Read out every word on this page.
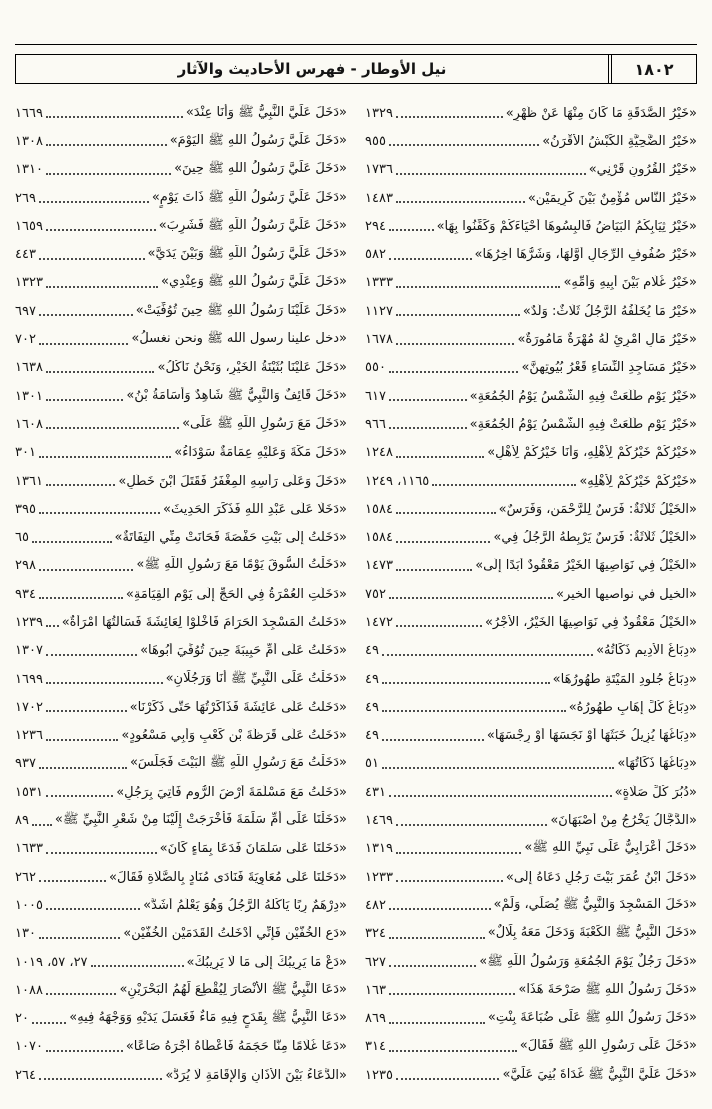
١٨٠٢
نيل الأوطار - فهرس الأحاديث والآثار
«خَيْرُ الصَّدَقَةِ مَا كَانَ مِنْهَا عَنْ ظَهْرٍ»
١٣٢٩
«خَيْرُ الضَّحِيَّةِ الكَبْشُ الأَقْرَنُ»
٩٥٥
«خَيْرُ القُرُونِ قَرْنِي»
١٧٣٦
«خَيْرُ النَّاسِ مُؤْمِنٌ بَيْنَ كَرِيمَيْنِ»
١٤٨٣
«خَيْرُ ثِيَابِكُمُ البَيَاضُ فَأَلْبِسُوهَا أَحْيَاءَكُمْ وَكَفِّنُوا بِهَا»
٢٩٤
«خَيْرُ صُفُوفِ الرِّجَالِ أَوَّلُهَا، وَشَرُّهَا آخِرُهَا»
٥٨٢
«خَيْرُ غُلَامٍ بَيْنَ أَبِيهِ وَأُمِّهِ»
١٣٣٣
«خَيْرُ مَا يُخَلِّفُهُ الرَّجُلُ ثَلَاثٌ: وَلَدٌ»
١١٢٧
«خَيْرُ مَالِ امْرِئٍ لَهُ مُهْرَةٌ مَأْمُورَةٌ»
١٦٧٨
«خَيْرُ مَسَاجِدِ النِّسَاءِ قَعْرُ بُيُوتِهِنَّ»
٥٥٠
«خَيْرُ يَوْمٍ طَلَعَتْ فِيهِ الشَّمْسُ يَوْمُ الجُمُعَةِ»
٦١٧
«خَيْرُ يَوْمٍ طَلَعَتْ فِيهِ الشَّمْسُ يَوْمُ الجُمُعَةِ»
٩٦٦
«خَيْرُكُمْ خَيْرُكُمْ لِأَهْلِهِ، وَأَنَا خَيْرُكُمْ لِأَهْلِ»
١٢٤٨
«خَيْرُكُمْ خَيْرُكُمْ لِأَهْلِهِ»
١١٦٥، ١٢٤٩
«الخَيْلُ ثَلَاثَةٌ: فَرَسٌ لِلرَّحْمَنِ، وَفَرَسٌ»
١٥٨٤
«الخَيْلُ ثَلَاثَةٌ: فَرَسٌ يَرْبِطُهُ الرَّجُلُ فِي»
١٥٨٤
«الخَيْلُ فِي نَوَاصِيهَا الخَيْرُ مَعْقُودٌ أَبَدًا إِلَى»
١٤٧٣
«الخيل في نواصيها الخير»
٧٥٢
«الخَيْلُ مَعْقُودٌ فِي نَوَاصِيهَا الخَيْرُ، الأَجْرُ»
١٤٧٢
«دِبَاغُ الأَدِيمِ ذَكَاتُهُ»
٤٩
«دِبَاغُ جُلُودِ المَيْتَةِ طَهُورُهَا»
٤٩
«دِبَاغُ كُلِّ إِهَابٍ طَهُورُهُ»
٤٩
«دِبَاغُهَا يُزِيلُ خَبَثَهَا أَوْ نَجَسَهَا أَوْ رِجْسَهَا»
٤٩
«دِبَاغُهَا ذَكَاتُهَا»
٥١
«دُبُرَ كُلِّ صَلَاةٍ»
٤٣١
«الدَّجَّالُ يَخْرُجُ مِنْ أَصْبَهَانَ»
١٤٦٩
«دَخَلَ أَعْرَابِيٌّ عَلَى نَبِيِّ اللهِ ﷺ»
١٣١٩
«دَخَلَ ابْنُ عُمَرَ بَيْتَ رَجُلٍ دَعَاهُ إِلَى»
١٢٣٣
«دَخَلَ المَسْجِدَ وَالنَّبِيُّ ﷺ يُصَلِّي، وَلَمْ»
٤٨٢
«دَخَلَ النَّبِيُّ ﷺ الكَعْبَةَ وَدَخَلَ مَعَهُ بِلَالٌ»
٣٢٤
«دَخَلَ رَجُلٌ يَوْمَ الجُمُعَةِ وَرَسُولُ اللَّهِ ﷺ»
٦٢٧
«دَخَلَ رَسُولُ اللهِ ﷺ صَرْحَةَ هَذَا»
١٦٣
«دَخَلَ رَسُولُ اللهِ ﷺ عَلَى ضُبَاعَةَ بِنْتِ»
٨٦٩
«دَخَلَ عَلَى رَسُولِ اللهِ ﷺ فَقَالَ»
٣١٤
«دَخَلَ عَلَيَّ النَّبِيُّ ﷺ غَدَاةَ بُنِيَ عَلَيَّ»
١٢٣٥
«دَخَلَ عَلَيَّ النَّبِيُّ ﷺ وَأَنَا عِنْدَ»
١٦٦٩
«دَخَلَ عَلَيَّ رَسُولُ اللهِ ﷺ اليَوْمَ»
١٣٠٨
«دَخَلَ عَلَيَّ رَسُولُ اللهِ ﷺ حِينَ»
١٣١٠
«دَخَلَ عَلَيَّ رَسُولُ اللَّهِ ﷺ ذَاتَ يَوْمٍ»
٢٦٩
«دَخَلَ عَلَيَّ رَسُولُ اللَّهِ ﷺ فَشَرِبَ»
١٦٥٩
«دَخَلَ عَلَيَّ رَسُولُ اللَّهِ ﷺ وَبَيْنَ يَدَيَّ»
٤٤٣
«دَخَلَ عَلَيَّ رَسُولُ اللهِ ﷺ وَعِنْدِي»
١٣٢٣
«دَخَلَ عَلَيْنَا رَسُولُ اللهِ ﷺ حِينَ تُوُفِّيَتْ»
٦٩٧
«دخل علينا رسول الله ﷺ ونحن نغسلُ»
٧٠٢
«دَخَلَ عَلَيْنَا بُثَيْنَةُ الخَيْرِ، وَنَحْنُ نَأْكُلُ»
١٦٣٨
«دَخَلَ قَائِفٌ وَالنَّبِيُّ ﷺ شَاهِدٌ وَأُسَامَةُ بْنُ»
١٣٠١
«دَخَلَ مَعَ رَسُولِ اللَّهِ ﷺ عَلَى»
١٦٠٨
«دَخَلَ مَكَّةَ وَعَلَيْهِ عِمَامَةٌ سَوْدَاءُ»
٣٠١
«دَخَلَ وَعَلَى رَأْسِهِ المِغْفَرُ فَقَتَلَ ابْنَ خَطَلٍ»
١٣٦١
«دَخَلَا عَلَى عَبْدِ اللَّهِ فَذَكَرَ الحَدِيثَ»
٣٩٥
«دَخَلْتُ إِلَى بَيْتِ حَفْصَةَ فَحَانَتْ مِنِّي التِفَاتَةٌ»
٦٥
«دَخَلْتُ السُّوقَ يَوْمًا مَعَ رَسُولِ اللَّهِ ﷺ»
٢٩٨
«دَخَلَتِ العُمْرَةُ فِي الحَجِّ إِلَى يَوْمِ القِيَامَةِ»
٩٣٤
«دَخَلْتُ المَسْجِدَ الحَرَامَ فَأَخْلَوْا لِعَائِشَةَ فَسَأَلْتُهَا امْرَأَةٌ»
١٢٣٩
«دَخَلْتُ عَلَى أُمِّ حَبِيبَةَ حِينَ تُوُفِّيَ أَبُوهَا»
١٣٠٧
«دَخَلْتُ عَلَى النَّبِيِّ ﷺ أَنَا وَرَجُلَانِ»
١٦٩٩
«دَخَلْتُ عَلَى عَائِشَةَ فَذَاكَرْتُهَا حَتَّى ذَكَرْنَا»
١٧٠٢
«دَخَلْتُ عَلَى قَرَظَةَ بْنِ كَعْبٍ وَأَبِي مَسْعُودٍ»
١٢٣٦
«دَخَلْتُ مَعَ رَسُولِ اللَّهِ ﷺ البَيْتَ فَجَلَسَ»
٩٣٧
«دَخَلْتُ مَعَ مَسْلَمَةَ أَرْضَ الرُّومِ فَأُتِيَ بِرَجُلٍ»
١٥٣١
«دَخَلْنَا عَلَى أُمِّ سَلَمَةَ فَأَخْرَجَتْ إِلَيْنَا مِنْ شَعْرِ النَّبِيِّ ﷺ»
٨٩
«دَخَلْنَا عَلَى سَلْمَانَ فَدَعَا بِمَاءٍ كَانَ»
١٦٣٣
«دَخَلْنَا عَلَى مُعَاوِيَةَ فَنَادَى مُنَادٍ بِالصَّلَاةِ فَقَالَ»
٢٦٢
«دِرْهَمٌ رِبًا يَأْكُلُهُ الرَّجُلُ وَهُوَ يَعْلَمُ أَشَدُّ»
١٠٠٥
«دَعِ الخُفَّيْنِ فَإِنِّي أَدْخَلْتُ القَدَمَيْنِ الخُفَّيْنِ»
١٣٠
«دَعْ مَا يَرِيبُكَ إِلَى مَا لَا يَرِيبُكَ»
٢٧، ٥٧، ١٠١٩
«دَعَا النَّبِيُّ ﷺ الأَنْصَارَ لِيُقْطِعَ لَهُمُ البَحْرَيْنِ»
١٠٨٨
«دَعَا النَّبِيُّ ﷺ بِقَدَحٍ فِيهِ مَاءٌ فَغَسَلَ يَدَيْهِ وَوَجْهَهُ فِيهِ»
٢٠
«دَعَا غُلَامًا مِنَّا حَجَمَهُ فَأَعْطَاهُ أَجْرَهُ صَاعًا»
١٠٧٠
«الدُّعَاءُ بَيْنَ الأَذَانِ وَالإِقَامَةِ لَا يُرَدُّ»
٢٦٤
